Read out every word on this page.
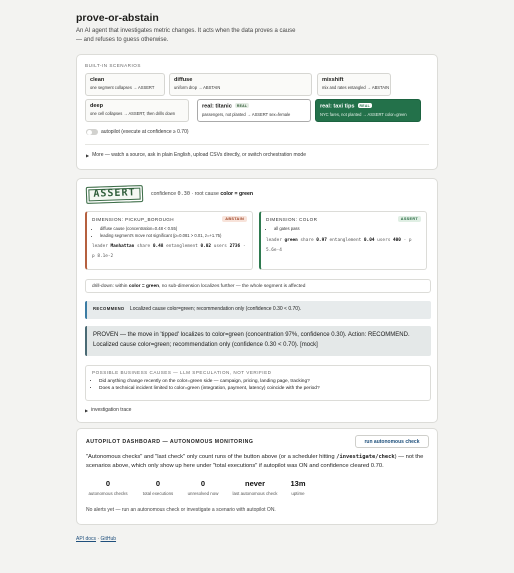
prove-or-abstain

An AI agent that investigates metric changes. It acts when the data proves a cause — and refuses to guess otherwise.

BUILT-IN SCENARIOS
clean
one segment collapses → ASSERT
diffuse
uniform drop → ABSTAIN
mixshift
mix and rates entangled → ABSTAIN
deep
one cell collapses → ASSERT, then drills down
real: titanic REAL
passengers, not planted → ASSERT sex=female
real: taxi tips REAL
NYC fares, not planted → ASSERT color=green
autopilot (execute at confidence ≥ 0.70)
▶ More — watch a source, ask in plain English, upload CSVs directly, or switch orchestration mode
ASSERT	confidence 0.30 · root cause color = green
DIMENSION: PICKUP_BOROUGH	ABSTAIN
• diffuse cause (concentration=0.48 < 0.55)
• leading segment's move not significant (p=0.081 > 0.01, z=+1.75)
leader Manhattan share 0.48 entanglement 0.02 users 2736 · p 8.1e-2
DIMENSION: COLOR	ASSERT
• all gates pass
leader green share 0.97 entanglement 0.04 users 400 · p 5.6e-4
drill-down: within color = green, no sub-dimension localizes further — the whole segment is affected
RECOMMEND Localized cause color=green; recommendation only (confidence 0.30 < 0.70).
PROVEN — the move in 'tipped' localizes to color=green (concentration 97%, confidence 0.30). Action: RECOMMEND. Localized cause color=green; recommendation only (confidence 0.30 < 0.70). [mock]
POSSIBLE BUSINESS CAUSES — LLM SPECULATION, NOT VERIFIED
• Did anything change recently on the color=green side — campaign, pricing, landing page, tracking?
• Does a technical incident limited to color=green (integration, payment, latency) coincide with the period?
▶ investigation trace
AUTOPILOT DASHBOARD — AUTONOMOUS MONITORING	run autonomous check
"Autonomous checks" and "last check" only count runs of the button above (or a scheduler hitting /investigate/check) — not the scenarios above, which only show up here under "total executions" if autopilot was ON and confidence cleared 0.70.
0
autonomous checks
0
total executions
0
unresolved now
never
last autonomous check
13m
uptime
No alerts yet — run an autonomous check or investigate a scenario with autopilot ON.
API docs · GitHub
